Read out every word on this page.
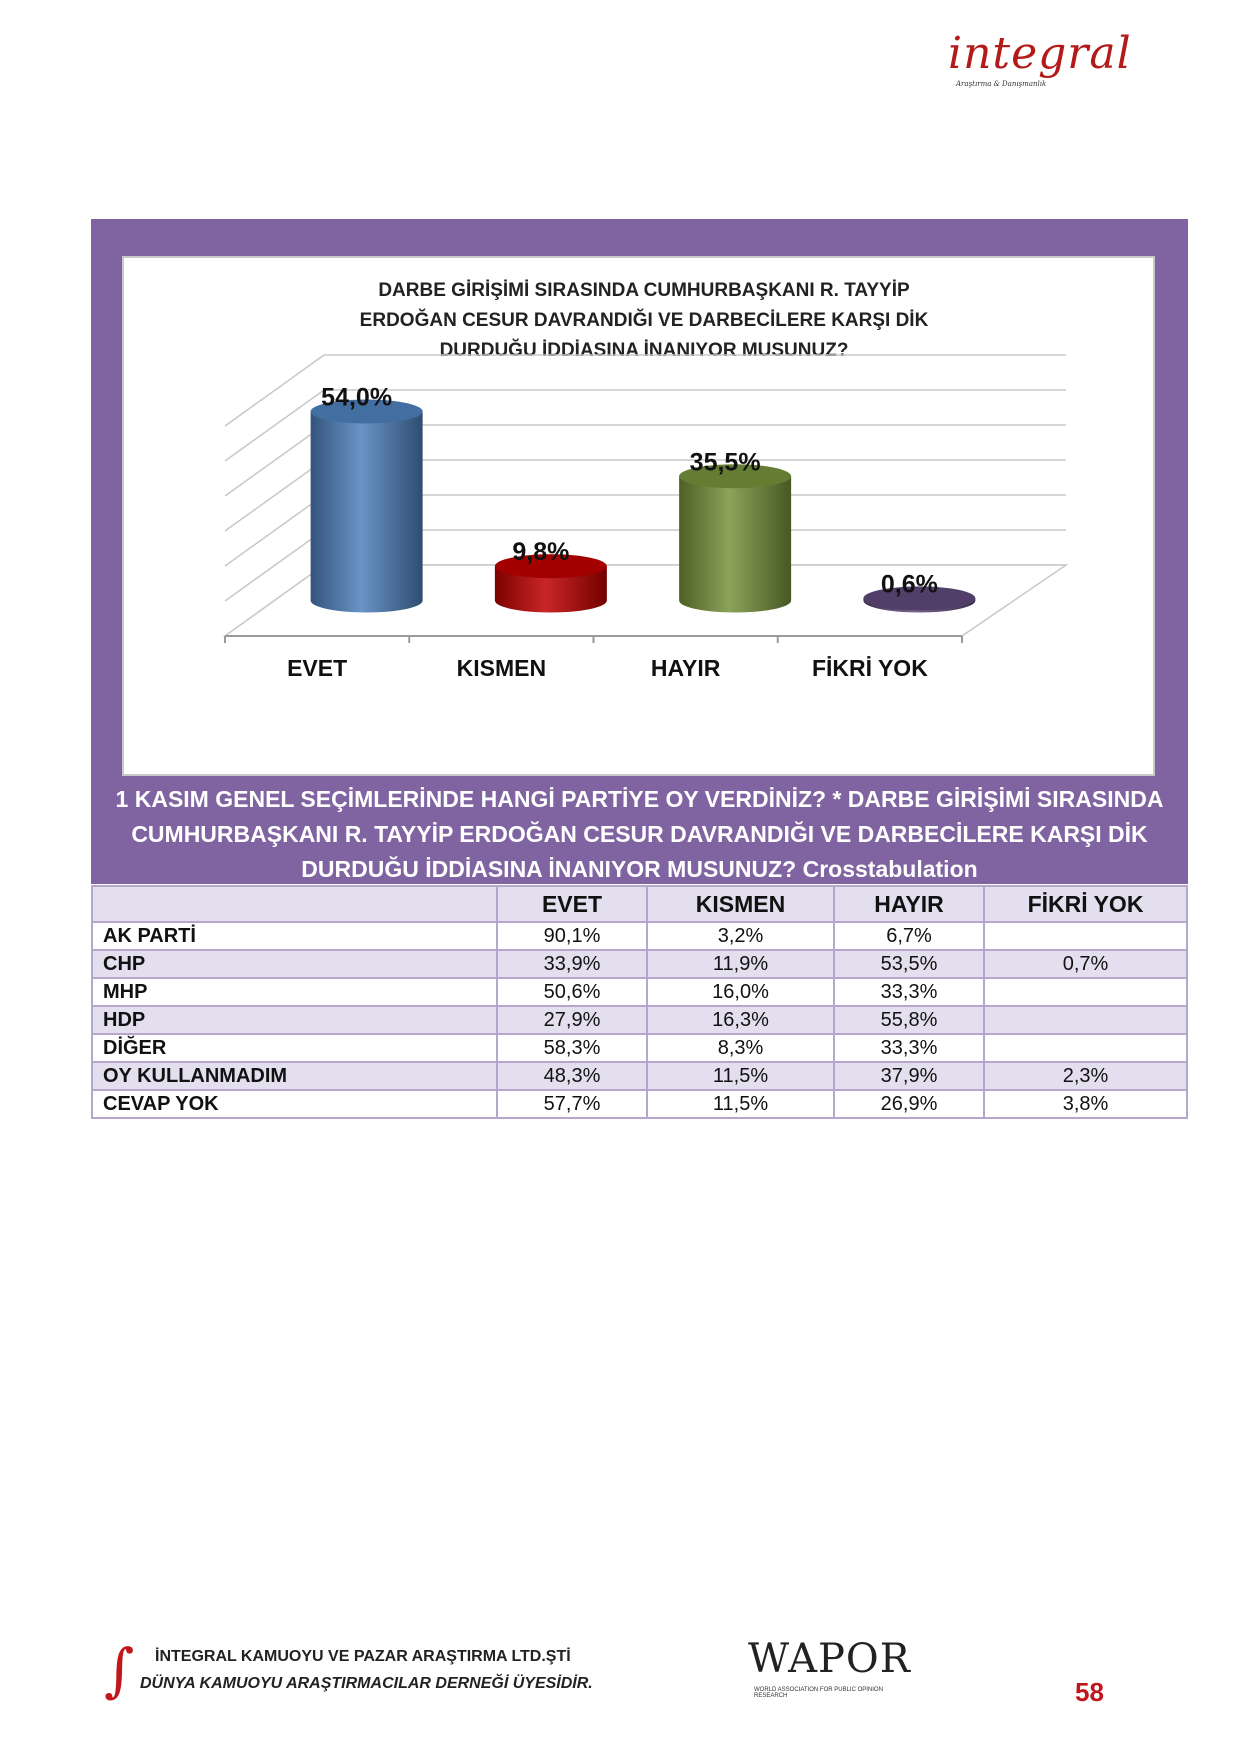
integral
Araştırma & Danışmanlık
DARBE GİRİŞİMİ SIRASINDA CUMHURBAŞKANI R. TAYYİP ERDOĞAN CESUR DAVRANDIĞI VE DARBECİLERE KARŞI DİK DURDUĞU İDDİASINA İNANIYOR MUSUNUZ?
54,0%
EVET
9,8%
KISMEN
35,5%
HAYIR
0,6%
FİKRİ YOK
1 KASIM GENEL SEÇİMLERİNDE HANGİ PARTİYE OY VERDİNİZ? * DARBE GİRİŞİMİ SIRASINDA CUMHURBAŞKANI R. TAYYİP ERDOĞAN CESUR DAVRANDIĞI VE DARBECİLERE KARŞI DİK DURDUĞU İDDİASINA İNANIYOR MUSUNUZ? Crosstabulation
	EVET	KISMEN	HAYIR	FİKRİ YOK
AK PARTİ	90,1%	3,2%	6,7%	
CHP	33,9%	11,9%	53,5%	0,7%
MHP	50,6%	16,0%	33,3%	
HDP	27,9%	16,3%	55,8%	
DİĞER	58,3%	8,3%	33,3%	
OY KULLANMADIM	48,3%	11,5%	37,9%	2,3%
CEVAP YOK	57,7%	11,5%	26,9%	3,8%
∫ İNTEGRAL KAMUOYU VE PAZAR ARAŞTIRMA LTD.ŞTİ
DÜNYA KAMUOYU ARAŞTIRMACILAR DERNEĞİ ÜYESİDİR.
WAPOR
WORLD ASSOCIATION FOR PUBLIC OPINION RESEARCH	58
